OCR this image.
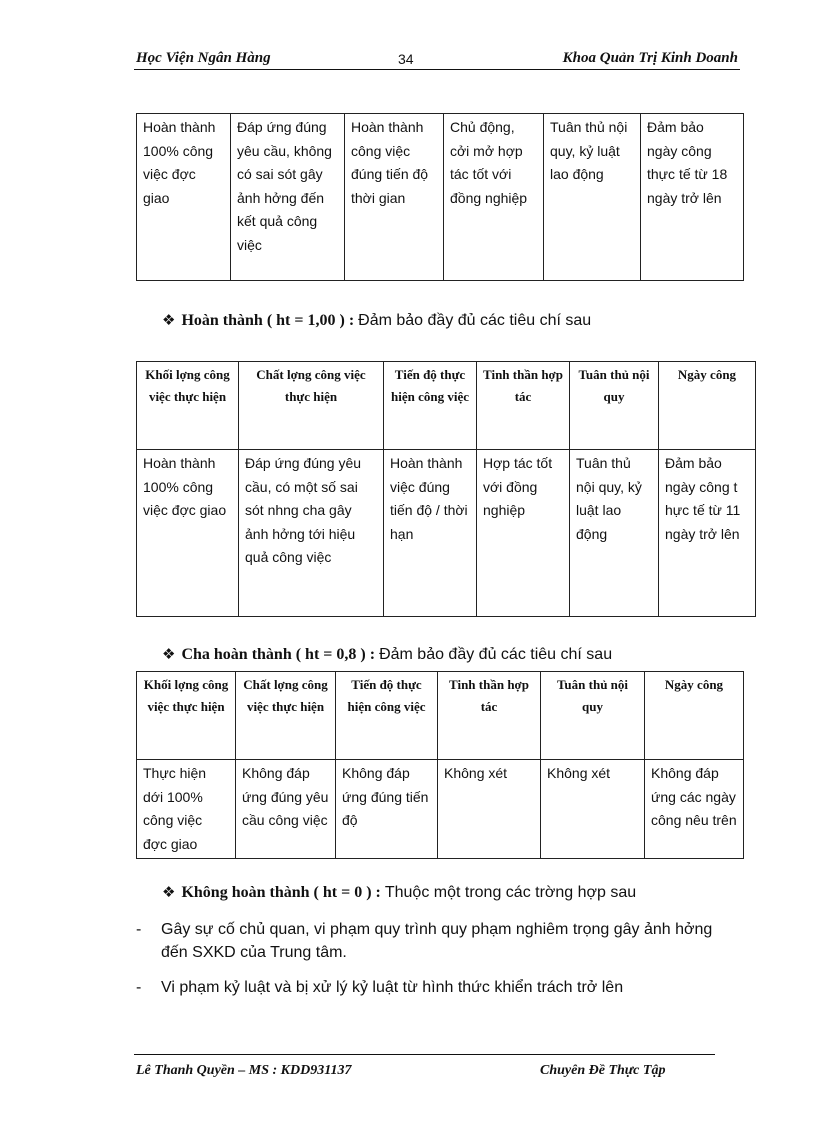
Học Viện Ngân Hàng	34	Khoa Quản Trị Kinh Doanh
Hoàn thành 100% công việc đợc giao	Đáp ứng đúng yêu cầu, không có sai sót gây ảnh hởng đến kết quả công việc	Hoàn thành công việc đúng tiến độ thời gian	Chủ động, cởi mở hợp tác tốt với đồng nghiệp	Tuân thủ nội quy, kỷ luật lao động	Đảm bảo ngày công thực tế từ 18 ngày trở lên
❖ Hoàn thành ( ht = 1,00 ) : Đảm bảo đầy đủ các tiêu chí sau
Khối lợng công việc thực hiện	Chất lợng công việc thực hiện	Tiến độ thực hiện công việc	Tinh thần hợp tác	Tuân thủ nội quy	Ngày công
Hoàn thành 100% công việc đợc giao	Đáp ứng đúng yêu cầu, có một số sai sót nhng cha gây ảnh hởng tới hiệu quả công việc	Hoàn thành việc đúng tiến độ / thời hạn	Hợp tác tốt với đồng nghiệp	Tuân thủ nội quy, kỷ luật lao động	Đảm bảo ngày công t hực tế từ 11 ngày trở lên
❖ Cha hoàn thành ( ht = 0,8 ) : Đảm bảo đầy đủ các tiêu chí sau
Khối lợng công việc thực hiện	Chất lợng công việc thực hiện	Tiến độ thực hiện công việc	Tinh thần hợp tác	Tuân thủ nội quy	Ngày công
Thực hiện dới 100% công việc đợc giao	Không đáp ứng đúng yêu cầu công việc	Không đáp ứng đúng tiến độ	Không xét	Không xét	Không đáp ứng các ngày công nêu trên
❖ Không hoàn thành ( ht = 0 ) : Thuộc một trong các trờng hợp sau
- Gây sự cố chủ quan, vi phạm quy trình quy phạm nghiêm trọng gây ảnh hởng đến SXKD của Trung tâm.
- Vi phạm kỷ luật và bị xử lý kỷ luật từ hình thức khiển trách trở lên
Lê Thanh Quyền – MS : KDD931137	Chuyên Đề Thực Tập
